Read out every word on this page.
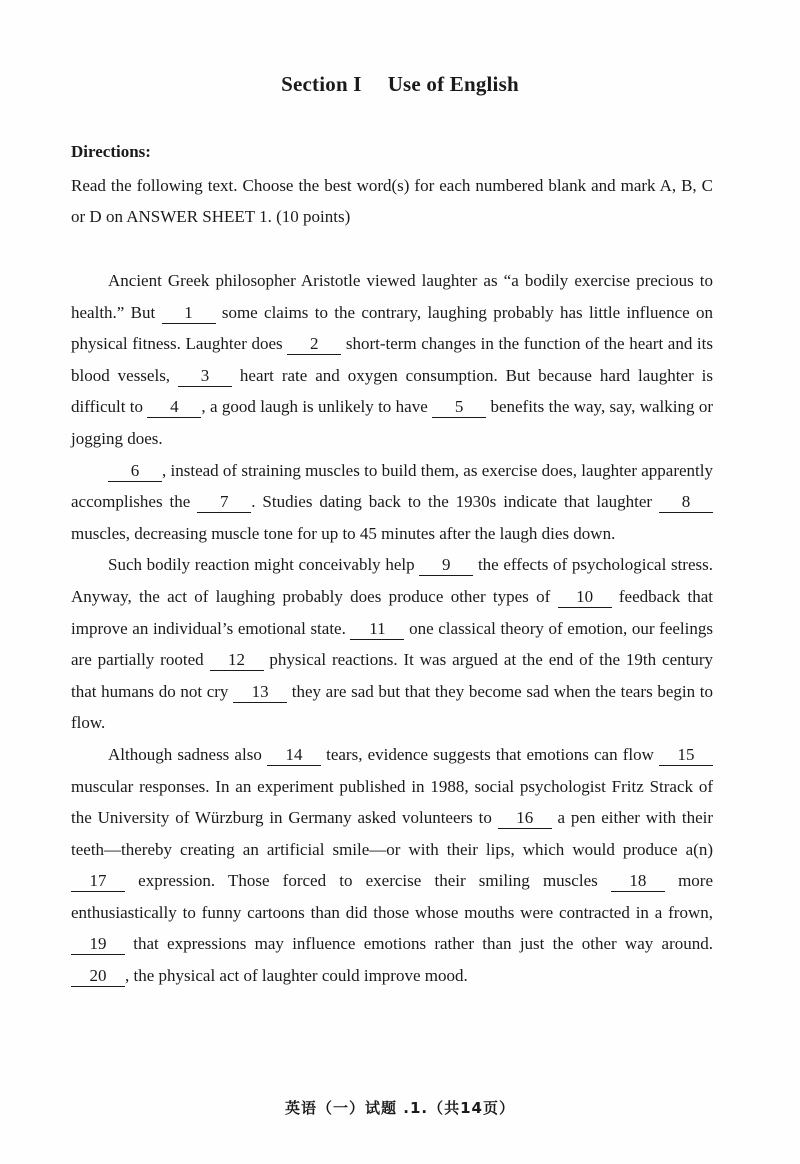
Section I Use of English
Directions:
Read the following text. Choose the best word(s) for each numbered blank and mark A, B, C or D on ANSWER SHEET 1. (10 points)

Ancient Greek philosopher Aristotle viewed laughter as “a bodily exercise precious to health.” But 1 some claims to the contrary, laughing probably has little influence on physical fitness. Laughter does 2 short-term changes in the function of the heart and its blood vessels, 3 heart rate and oxygen consumption. But because hard laughter is difficult to 4 , a good laugh is unlikely to have 5 benefits the way, say, walking or jogging does.

6 , instead of straining muscles to build them, as exercise does, laughter apparently accomplishes the 7 . Studies dating back to the 1930s indicate that laughter 8 muscles, decreasing muscle tone for up to 45 minutes after the laugh dies down.

Such bodily reaction might conceivably help 9 the effects of psychological stress. Anyway, the act of laughing probably does produce other types of 10 feedback that improve an individual’s emotional state. 11 one classical theory of emotion, our feelings are partially rooted 12 physical reactions. It was argued at the end of the 19th century that humans do not cry 13 they are sad but that they become sad when the tears begin to flow.

Although sadness also 14 tears, evidence suggests that emotions can flow 15 muscular responses. In an experiment published in 1988, social psychologist Fritz Strack of the University of Würzburg in Germany asked volunteers to 16 a pen either with their teeth—thereby creating an artificial smile—or with their lips, which would produce a(n) 17 expression. Those forced to exercise their smiling muscles 18 more enthusiastically to funny cartoons than did those whose mouths were contracted in a frown, 19 that expressions may influence emotions rather than just the other way around. 20 , the physical act of laughter could improve mood.

英语（一）试题 .1.（共14页）
